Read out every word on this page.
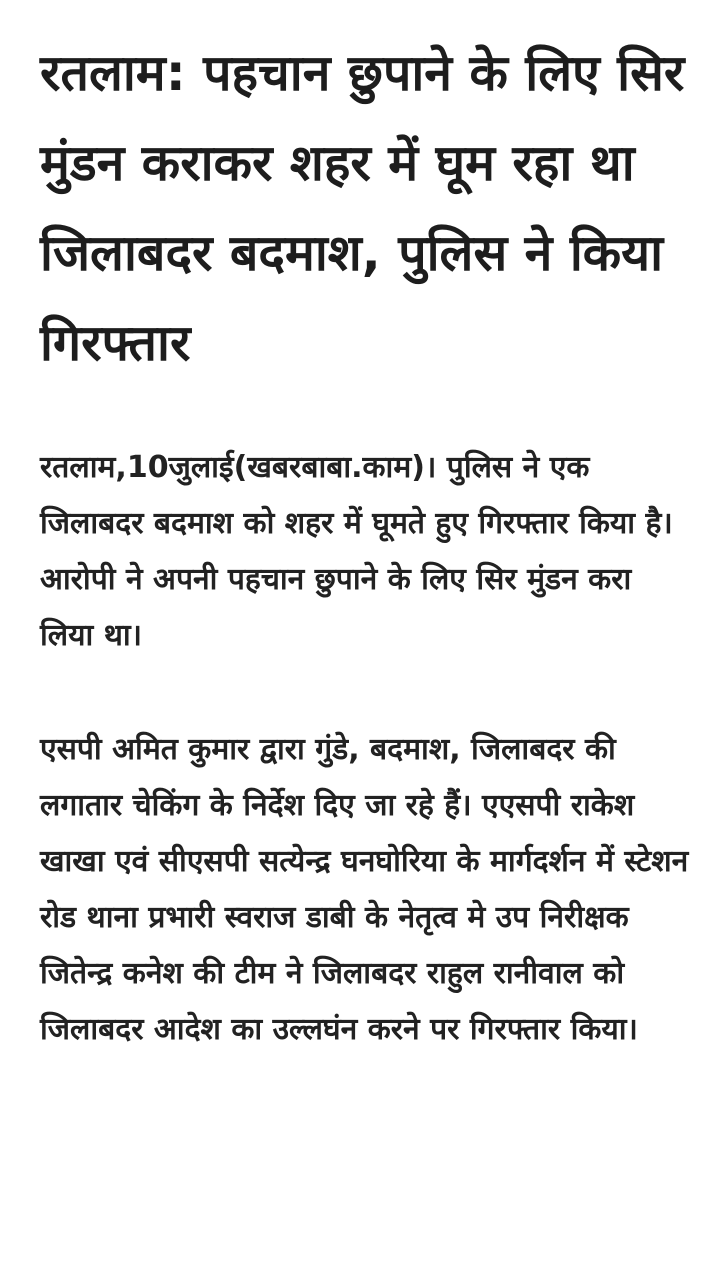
रतलाम: पहचान छुपाने के लिए सिर मुंडन कराकर शहर में घूम रहा था जिलाबदर बदमाश, पुलिस ने किया गिरफ्तार

रतलाम,10जुलाई(खबरबाबा.काम)। पुलिस ने एक जिलाबदर बदमाश को शहर में घूमते हुए गिरफ्तार किया है। आरोपी ने अपनी पहचान छुपाने के लिए सिर मुंडन करा लिया था।

एसपी अमित कुमार द्वारा गुंडे, बदमाश, जिलाबदर की लगातार चेकिंग के निर्देश दिए जा रहे हैं। एएसपी राकेश खाखा एवं सीएसपी सत्येन्द्र घनघोरिया के मार्गदर्शन में स्टेशन रोड थाना प्रभारी स्वराज डाबी के नेतृत्व मे उप निरीक्षक जितेन्द्र कनेश की टीम ने जिलाबदर राहुल रानीवाल को जिलाबदर आदेश का उल्लघंन करने पर गिरफ्तार किया।
